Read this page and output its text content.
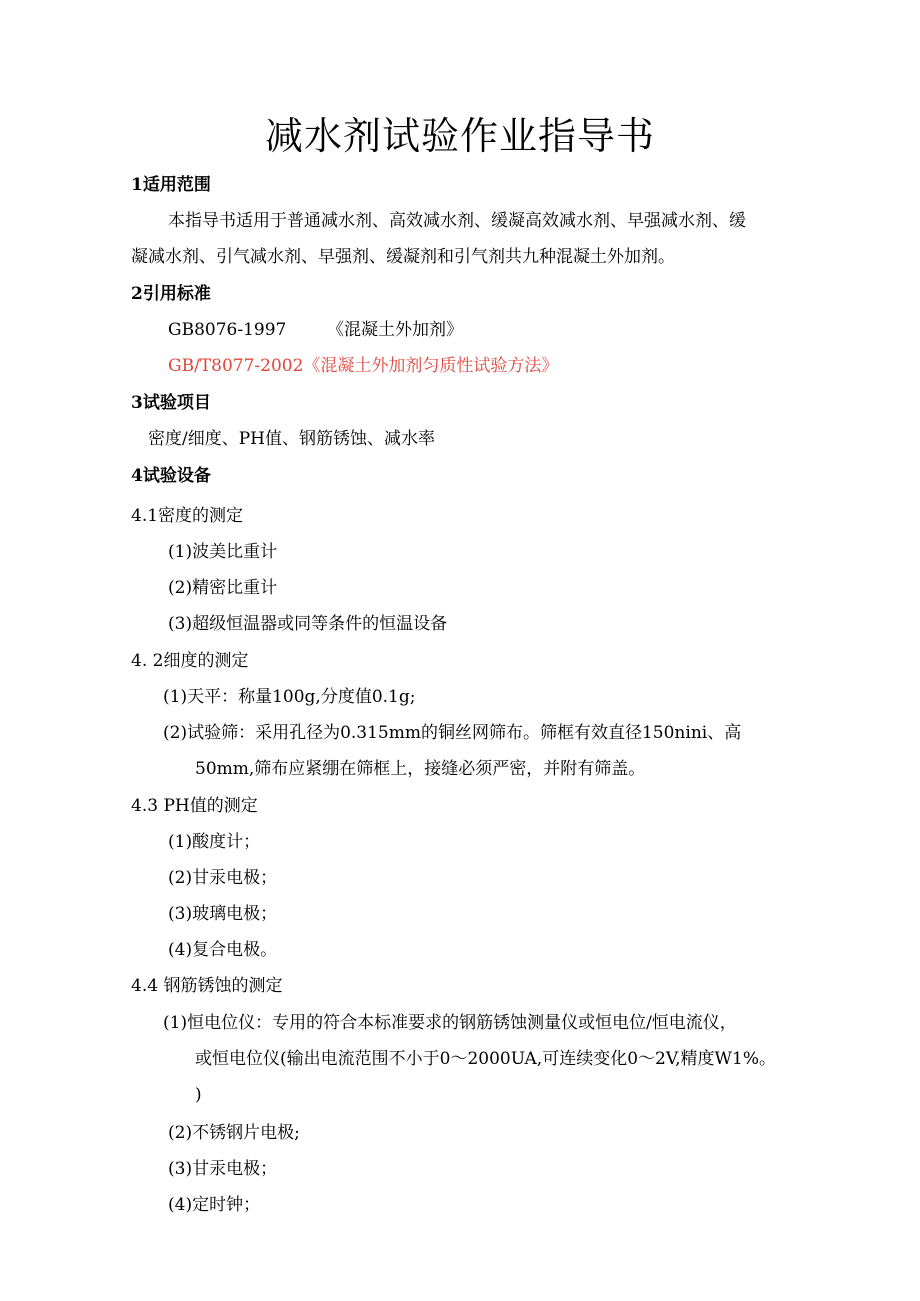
减水剂试验作业指导书
1适用范围
本指导书适用于普通减水剂、高效减水剂、缓凝高效减水剂、早强减水剂、缓
凝减水剂、引气减水剂、早强剂、缓凝剂和引气剂共九种混凝土外加剂。
2引用标准
GB8076-1997 《混凝土外加剂》
GB/T8077-2002《混凝土外加剂匀质性试验方法》
3试验项目
密度/细度、PH值、钢筋锈蚀、减水率
4试验设备
4.1密度的测定
(1)波美比重计
(2)精密比重计
(3)超级恒温器或同等条件的恒温设备
4. 2细度的测定
(1)天平：称量100g,分度值0.1g;
(2)试验筛：采用孔径为0.315mm的铜丝网筛布。筛框有效直径150nini、高
50mm,筛布应紧绷在筛框上，接缝必须严密，并附有筛盖。
4.3 PH值的测定
(1)酸度计；
(2)甘汞电极；
(3)玻璃电极；
(4)复合电极。
4.4 钢筋锈蚀的测定
(1)恒电位仪：专用的符合本标准要求的钢筋锈蚀测量仪或恒电位/恒电流仪，
或恒电位仪(输出电流范围不小于0～2000UA,可连续变化0～2V,精度W1%。
)
(2)不锈钢片电极;
(3)甘汞电极；
(4)定时钟；
